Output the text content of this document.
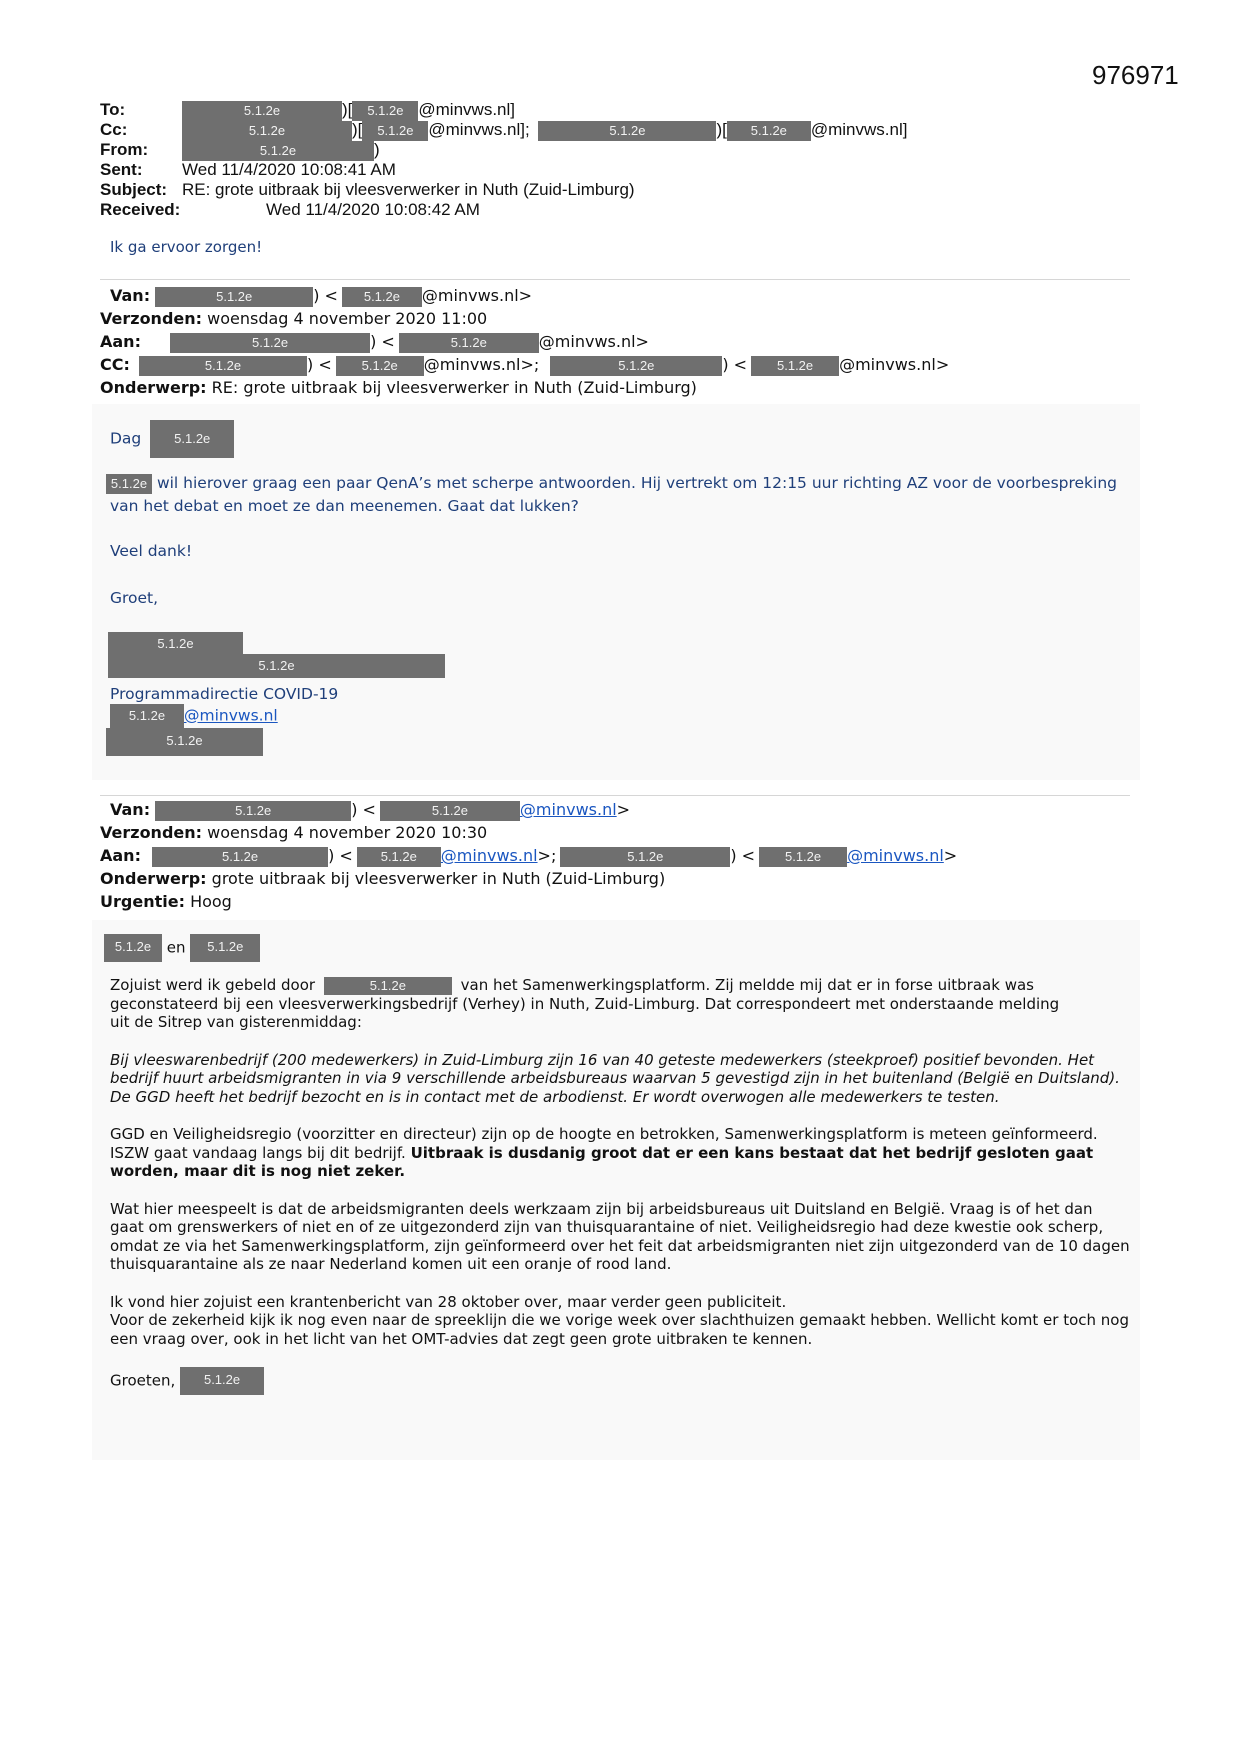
976971
To:	5.1.2e	)[ 5.1.2e @minvws.nl]
Cc:	5.1.2e	)[ 5.1.2e @minvws.nl];	5.1.2e	)[ 5.1.2e @minvws.nl]
From:	5.1.2e	)
Sent: Wed 11/4/2020 10:08:41 AM
Subject: RE: grote uitbraak bij vleesverwerker in Nuth (Zuid-Limburg)
Received:	Wed 11/4/2020 10:08:42 AM
Ik ga ervoor zorgen!
Van:	5.1.2e	) < 5.1.2e @minvws.nl>
Verzonden: woensdag 4 november 2020 11:00
Aan:	5.1.2e	) <	5.1.2e	@minvws.nl>
CC:	5.1.2e	) < 5.1.2e @minvws.nl>;	5.1.2e	) < 5.1.2e @minvws.nl>
Onderwerp: RE: grote uitbraak bij vleesverwerker in Nuth (Zuid-Limburg)
Dag	5.1.2e
5.1.2e wil hierover graag een paar QenA’s met scherpe antwoorden. Hij vertrekt om 12:15 uur richting AZ voor de voorbespreking
van het debat en moet ze dan meenemen. Gaat dat lukken?
Veel dank!
Groet,
5.1.2e
5.1.2e
Programmadirectie COVID-19
5.1.2e @minvws.nl
5.1.2e
Van:	5.1.2e	) <	5.1.2e	@minvws.nl>
Verzonden: woensdag 4 november 2020 10:30
Aan:	5.1.2e	) < 5.1.2e @minvws.nl>;	5.1.2e	) < 5.1.2e @minvws.nl>
Onderwerp: grote uitbraak bij vleesverwerker in Nuth (Zuid-Limburg)
Urgentie: Hoog
5.1.2e en 5.1.2e

Zojuist werd ik gebeld door	5.1.2e	van het Samenwerkingsplatform. Zij meldde mij dat er in forse uitbraak was
geconstateerd bij een vleesverwerkingsbedrijf (Verhey) in Nuth, Zuid-Limburg. Dat correspondeert met onderstaande melding
uit de Sitrep van gisterenmiddag:

Bij vleeswarenbedrijf (200 medewerkers) in Zuid-Limburg zijn 16 van 40 geteste medewerkers (steekproef) positief bevonden. Het bedrijf huurt arbeidsmigranten in via 9 verschillende arbeidsbureaus waarvan 5 gevestigd zijn in het buitenland (België en Duitsland). De GGD heeft het bedrijf bezocht en is in contact met de arbodienst. Er wordt overwogen alle medewerkers te testen.

GGD en Veiligheidsregio (voorzitter en directeur) zijn op de hoogte en betrokken, Samenwerkingsplatform is meteen geïnformeerd. ISZW gaat vandaag langs bij dit bedrijf. Uitbraak is dusdanig groot dat er een kans bestaat dat het bedrijf gesloten gaat worden, maar dit is nog niet zeker.

Wat hier meespeelt is dat de arbeidsmigranten deels werkzaam zijn bij arbeidsbureaus uit Duitsland en België. Vraag is of het dan gaat om grenswerkers of niet en of ze uitgezonderd zijn van thuisquarantaine of niet. Veiligheidsregio had deze kwestie ook scherp, omdat ze via het Samenwerkingsplatform, zijn geïnformeerd over het feit dat arbeidsmigranten niet zijn uitgezonderd van de 10 dagen thuisquarantaine als ze naar Nederland komen uit een oranje of rood land.

Ik vond hier zojuist een krantenbericht van 28 oktober over, maar verder geen publiciteit.
Voor de zekerheid kijk ik nog even naar de spreeklijn die we vorige week over slachthuizen gemaakt hebben. Wellicht komt er toch nog een vraag over, ook in het licht van het OMT-advies dat zegt geen grote uitbraken te kennen.

Groeten, 5.1.2e
